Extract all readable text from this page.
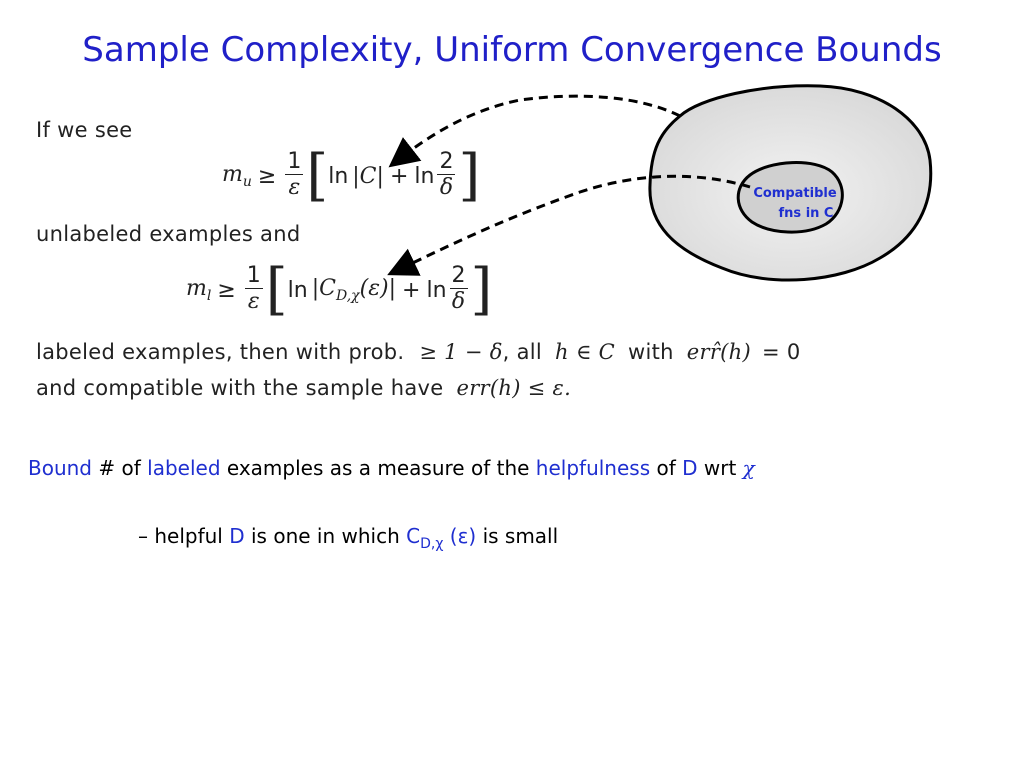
Sample Complexity, Uniform Convergence Bounds
Compatible
fns in C
If we see
$m_u \ge \frac{1}{\varepsilon}$ [ $\ln |C| + \ln \frac{2}{\delta}$ ]
unlabeled examples and
$m_l \ge \frac{1}{\varepsilon}$ [ $\ln |C_{D,\chi}(\varepsilon)| + \ln \frac{2}{\delta}$ ]
labeled examples, then with prob. ≥ 1 − δ, all h ∈ C with err̂(h) = 0
and compatible with the sample have err(h) ≤ ε.
Bound # of labeled examples as a measure of the helpfulness of D wrt χ
– helpful D is one in which $C_{D,\chi}$ (ε) is small
